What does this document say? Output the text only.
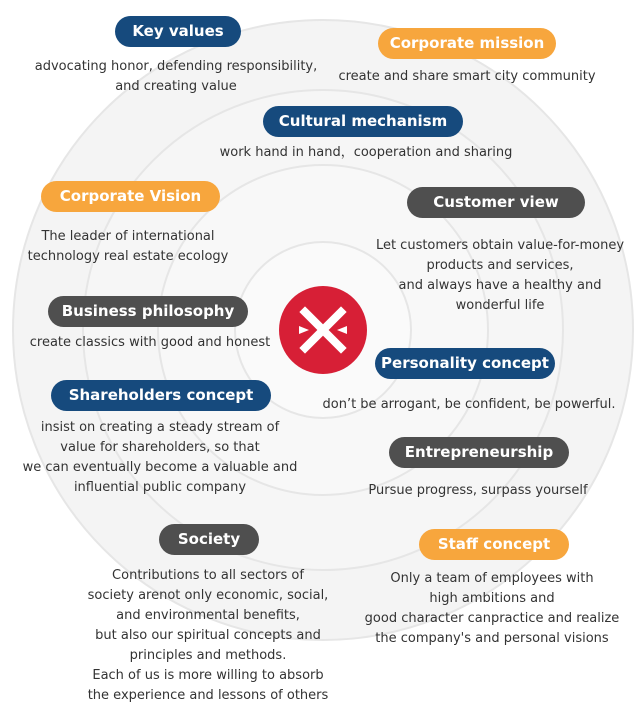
Key values
advocating honor, defending responsibility,
and creating value
Corporate mission
create and share smart city community
Cultural mechanism
work hand in hand，cooperation and sharing
Corporate Vision
The leader of international
technology real estate ecology
Customer view
Let customers obtain value-for-money
products and services,
and always have a healthy and
wonderful life
Business philosophy
create classics with good and honest
Personality concept
don’t be arrogant, be confident, be powerful.
Shareholders concept
insist on creating a steady stream of
value for shareholders, so that
we can eventually become a valuable and
influential public company
Entrepreneurship
Pursue progress, surpass yourself
Society
Contributions to all sectors of
society arenot only economic, social,
and environmental benefits,
but also our spiritual concepts and
principles and methods.
Each of us is more willing to absorb
the experience and lessons of others
Staff concept
Only a team of employees with
high ambitions and
good character canpractice and realize
the company's and personal visions
